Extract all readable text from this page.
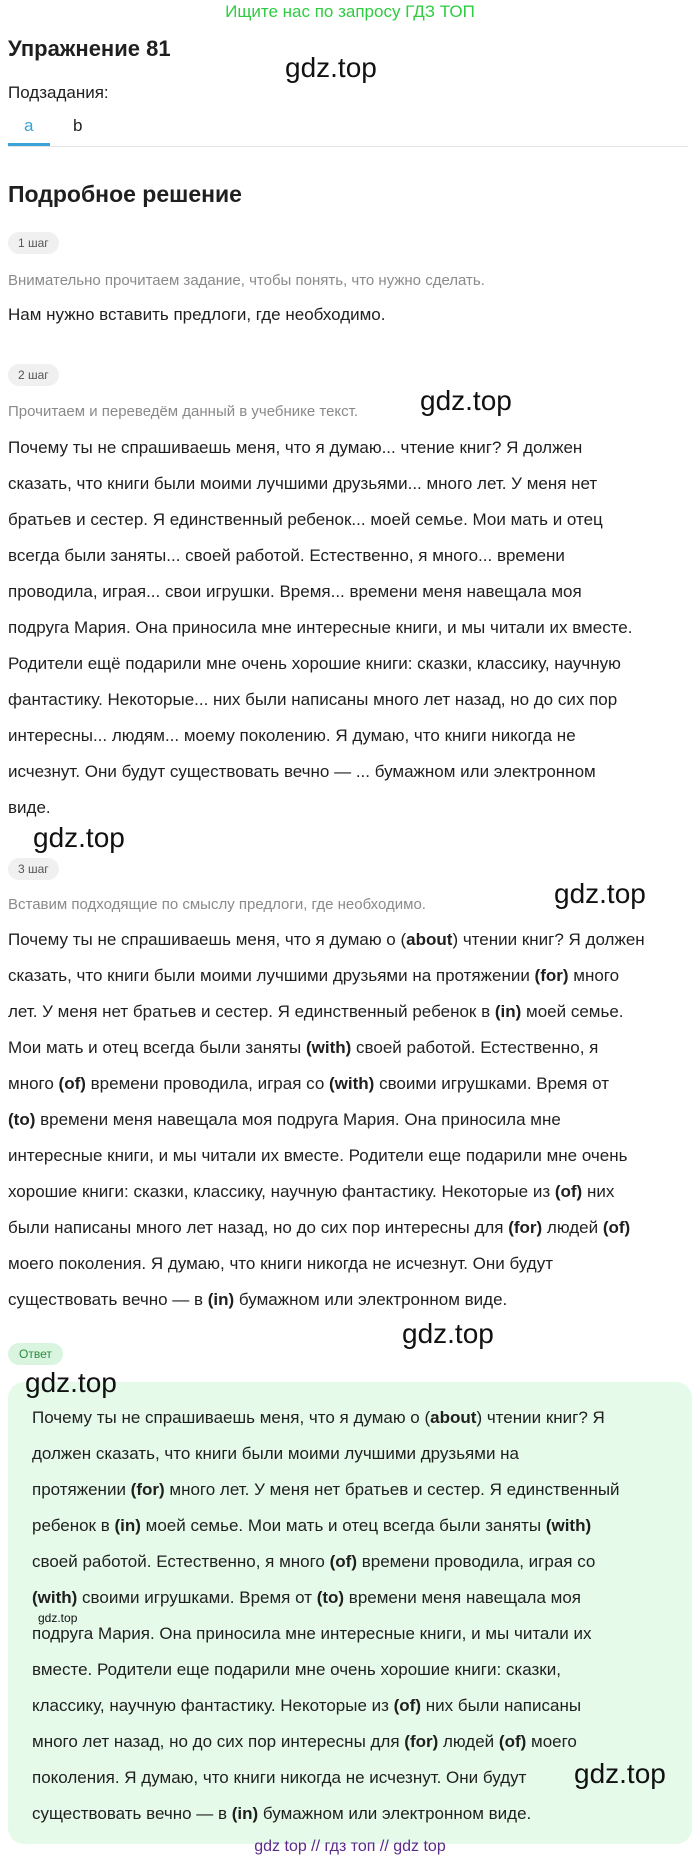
Ищите нас по запросу ГДЗ ТОП
Упражнение 81
Подзадания:
a b
Подробное решение
1 шаг
Внимательно прочитаем задание, чтобы понять, что нужно сделать.
Нам нужно вставить предлоги, где необходимо.
2 шаг
Прочитаем и переведём данный в учебнике текст.
Почему ты не спрашиваешь меня, что я думаю... чтение книг? Я должен
сказать, что книги были моими лучшими друзьями... много лет. У меня нет
братьев и сестер. Я единственный ребенок... моей семье. Мои мать и отец
всегда были заняты... своей работой. Естественно, я много... времени
проводила, играя... свои игрушки. Время... времени меня навещала моя
подруга Мария. Она приносила мне интересные книги, и мы читали их вместе.
Родители ещё подарили мне очень хорошие книги: сказки, классику, научную
фантастику. Некоторые... них были написаны много лет назад, но до сих пор
интересны... людям... моему поколению. Я думаю, что книги никогда не
исчезнут. Они будут существовать вечно — ... бумажном или электронном
виде.
3 шаг
Вставим подходящие по смыслу предлоги, где необходимо.
Почему ты не спрашиваешь меня, что я думаю о (about) чтении книг? Я должен
сказать, что книги были моими лучшими друзьями на протяжении (for) много
лет. У меня нет братьев и сестер. Я единственный ребенок в (in) моей семье.
Мои мать и отец всегда были заняты (with) своей работой. Естественно, я
много (of) времени проводила, играя со (with) своими игрушками. Время от
(to) времени меня навещала моя подруга Мария. Она приносила мне
интересные книги, и мы читали их вместе. Родители еще подарили мне очень
хорошие книги: сказки, классику, научную фантастику. Некоторые из (of) них
были написаны много лет назад, но до сих пор интересны для (for) людей (of)
моего поколения. Я думаю, что книги никогда не исчезнут. Они будут
существовать вечно — в (in) бумажном или электронном виде.
Ответ
Почему ты не спрашиваешь меня, что я думаю о (about) чтении книг? Я
должен сказать, что книги были моими лучшими друзьями на
протяжении (for) много лет. У меня нет братьев и сестер. Я единственный
ребенок в (in) моей семье. Мои мать и отец всегда были заняты (with)
своей работой. Естественно, я много (of) времени проводила, играя со
(with) своими игрушками. Время от (to) времени меня навещала моя
подруга Мария. Она приносила мне интересные книги, и мы читали их
вместе. Родители еще подарили мне очень хорошие книги: сказки,
классику, научную фантастику. Некоторые из (of) них были написаны
много лет назад, но до сих пор интересны для (for) людей (of) моего
поколения. Я думаю, что книги никогда не исчезнут. Они будут
существовать вечно — в (in) бумажном или электронном виде.
gdz.top
gdz.top
gdz.top
gdz.top
gdz.top
gdz.top
gdz.top
gdz.top
gdz top // гдз топ // gdz top
